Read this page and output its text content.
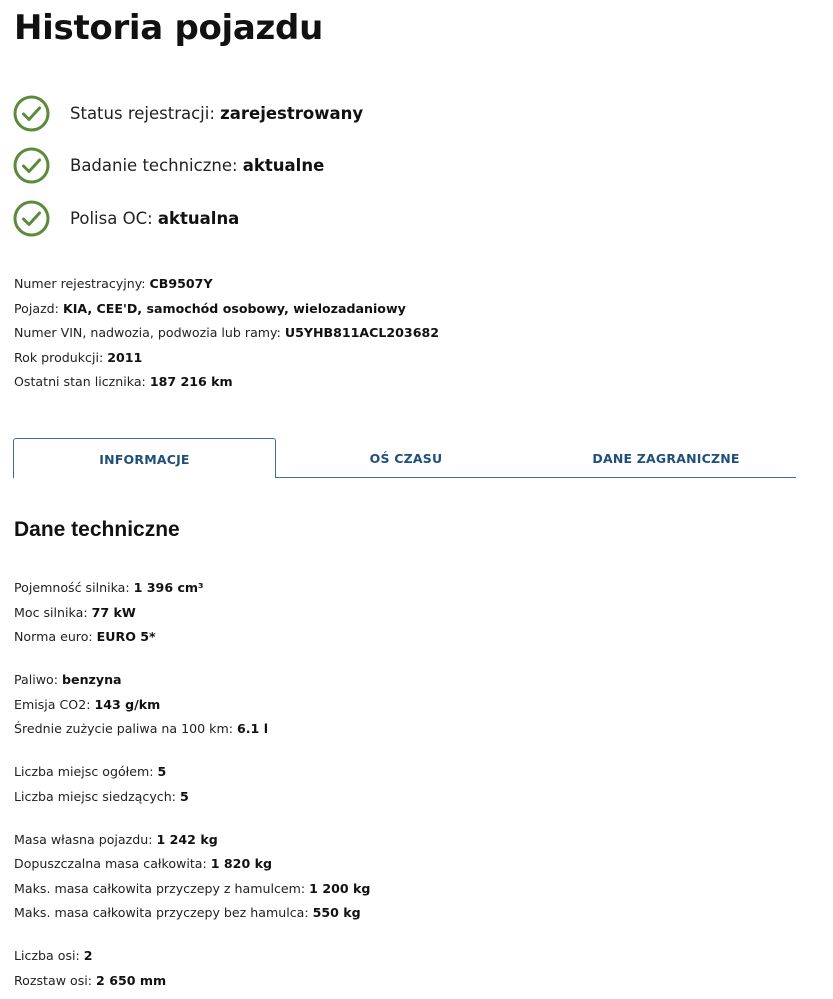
Historia pojazdu
Status rejestracji: zarejestrowany
Badanie techniczne: aktualne
Polisa OC: aktualna
Numer rejestracyjny: CB9507Y
Pojazd: KIA, CEE'D, samochód osobowy, wielozadaniowy
Numer VIN, nadwozia, podwozia lub ramy: U5YHB811ACL203682
Rok produkcji: 2011
Ostatni stan licznika: 187 216 km
INFORMACJE	OŚ CZASU	DANE ZAGRANICZNE
Dane techniczne
Pojemność silnika: 1 396 cm³
Moc silnika: 77 kW
Norma euro: EURO 5*
Paliwo: benzyna
Emisja CO2: 143 g/km
Średnie zużycie paliwa na 100 km: 6.1 l
Liczba miejsc ogółem: 5
Liczba miejsc siedzących: 5
Masa własna pojazdu: 1 242 kg
Dopuszczalna masa całkowita: 1 820 kg
Maks. masa całkowita przyczepy z hamulcem: 1 200 kg
Maks. masa całkowita przyczepy bez hamulca: 550 kg
Liczba osi: 2
Rozstaw osi: 2 650 mm
